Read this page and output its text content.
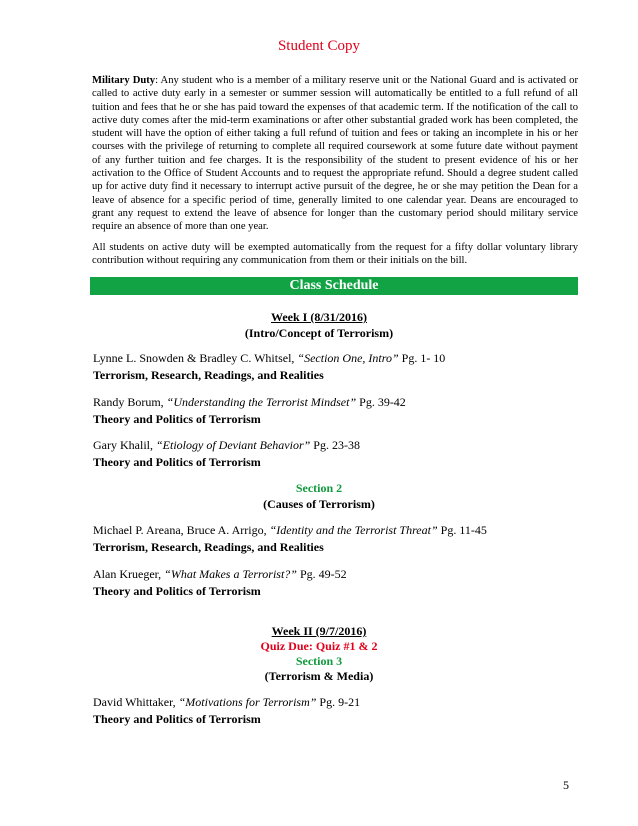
Student Copy

Military Duty: Any student who is a member of a military reserve unit or the National Guard and is activated or called to active duty early in a semester or summer session will automatically be entitled to a full refund of all tuition and fees that he or she has paid toward the expenses of that academic term. If the notification of the call to active duty comes after the mid-term examinations or after other substantial graded work has been completed, the student will have the option of either taking a full refund of tuition and fees or taking an incomplete in his or her courses with the privilege of returning to complete all required coursework at some future date without payment of any further tuition and fee charges. It is the responsibility of the student to present evidence of his or her activation to the Office of Student Accounts and to request the appropriate refund. Should a degree student called up for active duty find it necessary to interrupt active pursuit of the degree, he or she may petition the Dean for a leave of absence for a specific period of time, generally limited to one calendar year. Deans are encouraged to grant any request to extend the leave of absence for longer than the customary period should military service require an absence of more than one year.

All students on active duty will be exempted automatically from the request for a fifty dollar voluntary library contribution without requiring any communication from them or their initials on the bill.

Class Schedule
Week I (8/31/2016)
(Intro/Concept of Terrorism)
Lynne L. Snowden & Bradley C. Whitsel, “Section One, Intro” Pg. 1- 10
Terrorism, Research, Readings, and Realities
Randy Borum, “Understanding the Terrorist Mindset” Pg. 39-42
Theory and Politics of Terrorism
Gary Khalil, “Etiology of Deviant Behavior” Pg. 23-38
Theory and Politics of Terrorism
Section 2
(Causes of Terrorism)
Michael P. Areana, Bruce A. Arrigo, “Identity and the Terrorist Threat” Pg. 11-45
Terrorism, Research, Readings, and Realities
Alan Krueger, “What Makes a Terrorist?” Pg. 49-52
Theory and Politics of Terrorism
Week II (9/7/2016)
Quiz Due: Quiz #1 & 2
Section 3
(Terrorism & Media)
David Whittaker, “Motivations for Terrorism” Pg. 9-21
Theory and Politics of Terrorism
5
